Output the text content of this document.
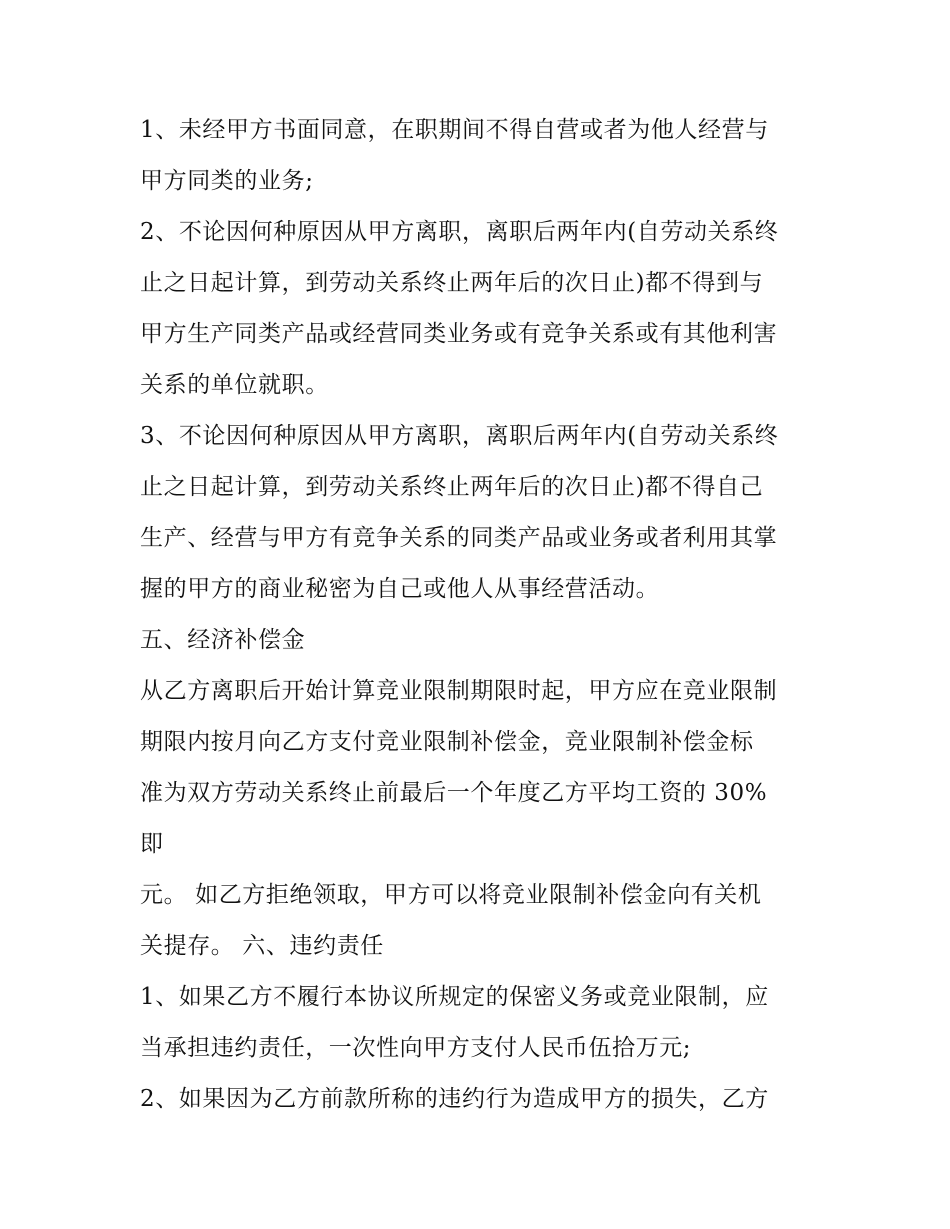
1、未经甲方书面同意，在职期间不得自营或者为他人经营与
甲方同类的业务;
2、不论因何种原因从甲方离职，离职后两年内(自劳动关系终
止之日起计算，到劳动关系终止两年后的次日止)都不得到与
甲方生产同类产品或经营同类业务或有竞争关系或有其他利害
关系的单位就职。
3、不论因何种原因从甲方离职，离职后两年内(自劳动关系终
止之日起计算，到劳动关系终止两年后的次日止)都不得自己
生产、经营与甲方有竞争关系的同类产品或业务或者利用其掌
握的甲方的商业秘密为自己或他人从事经营活动。
五、经济补偿金
从乙方离职后开始计算竞业限制期限时起，甲方应在竞业限制
期限内按月向乙方支付竞业限制补偿金，竞业限制补偿金标
准为双方劳动关系终止前最后一个年度乙方平均工资的 30%
即
元。 如乙方拒绝领取，甲方可以将竞业限制补偿金向有关机
关提存。 六、违约责任
1、如果乙方不履行本协议所规定的保密义务或竞业限制，应
当承担违约责任，一次性向甲方支付人民币伍拾万元;
2、如果因为乙方前款所称的违约行为造成甲方的损失，乙方
